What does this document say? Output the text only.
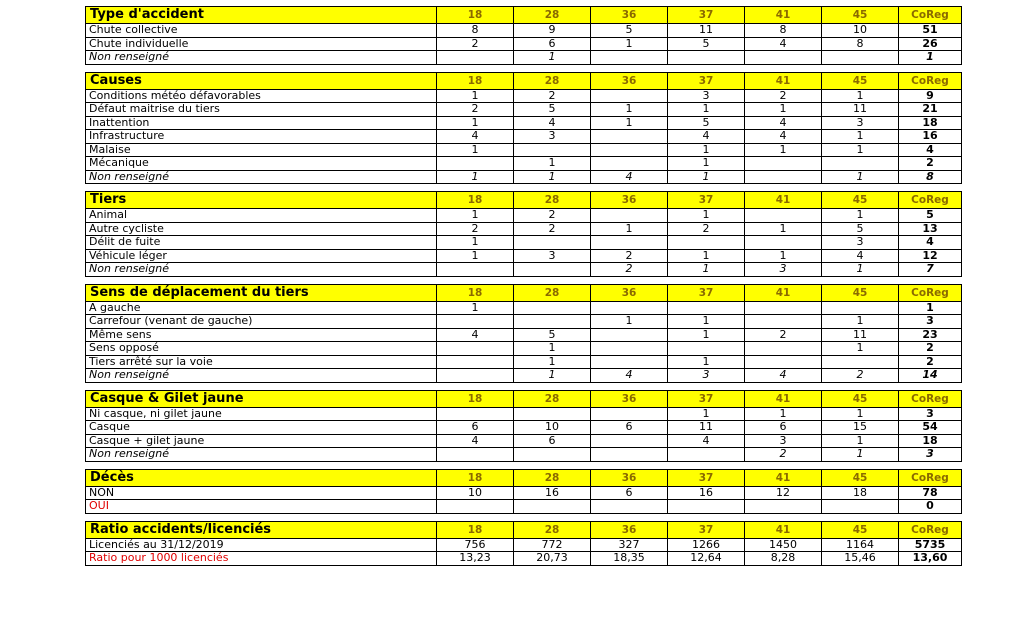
Type d'accident	18	28	36	37	41	45	CoReg
Chute collective	8	9	5	11	8	10	51
Chute individuelle	2	6	1	5	4	8	26
Non renseigné		1					1

Causes	18	28	36	37	41	45	CoReg
Conditions météo défavorables	1	2		3	2	1	9
Défaut maitrise du tiers	2	5	1	1	1	11	21
Inattention	1	4	1	5	4	3	18
Infrastructure	4	3		4	4	1	16
Malaise	1			1	1	1	4
Mécanique		1		1			2
Non renseigné	1	1	4	1		1	8

Tiers	18	28	36	37	41	45	CoReg
Animal	1	2		1		1	5
Autre cycliste	2	2	1	2	1	5	13
Délit de fuite	1					3	4
Véhicule léger	1	3	2	1	1	4	12
Non renseigné			2	1	3	1	7

Sens de déplacement du tiers	18	28	36	37	41	45	CoReg
A gauche	1						1
Carrefour (venant de gauche)			1	1		1	3
Même sens	4	5		1	2	11	23
Sens opposé		1				1	2
Tiers arrêté sur la voie		1		1			2
Non renseigné		1	4	3	4	2	14

Casque & Gilet jaune	18	28	36	37	41	45	CoReg
Ni casque, ni gilet jaune				1	1	1	3
Casque	6	10	6	11	6	15	54
Casque + gilet jaune	4	6		4	3	1	18
Non renseigné					2	1	3

Décès	18	28	36	37	41	45	CoReg
NON	10	16	6	16	12	18	78
OUI							0

Ratio accidents/licenciés	18	28	36	37	41	45	CoReg
Licenciés au 31/12/2019	756	772	327	1266	1450	1164	5735
Ratio pour 1000 licenciés	13,23	20,73	18,35	12,64	8,28	15,46	13,60
